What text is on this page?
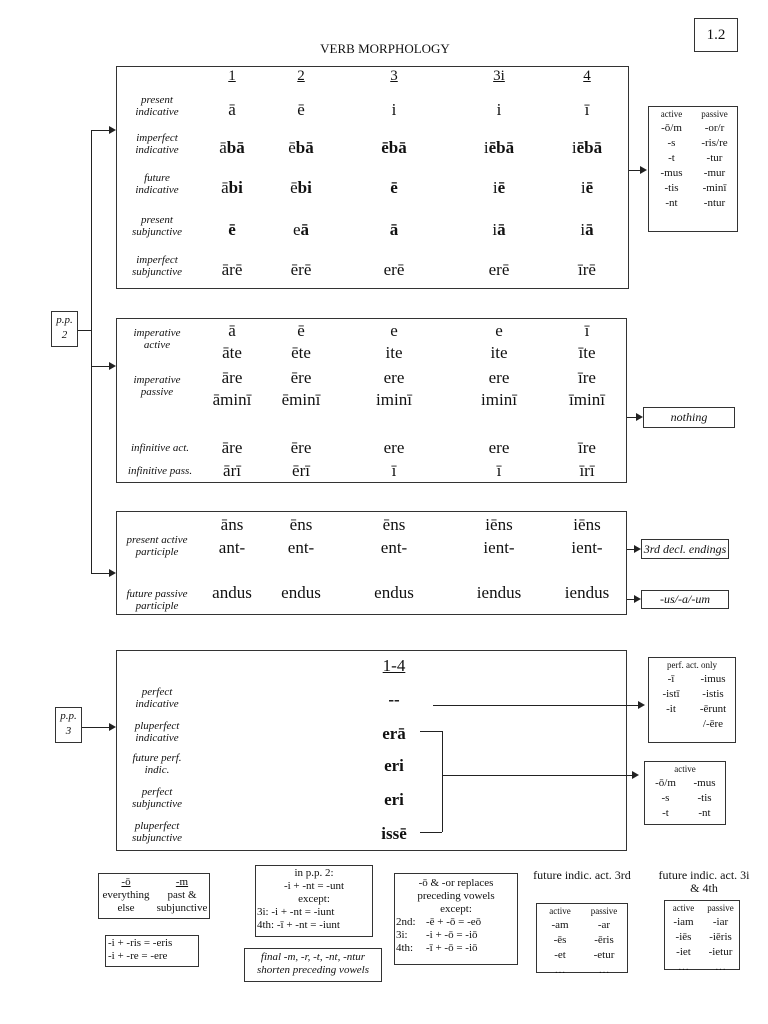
1.2
VERB MORPHOLOGY
1	2	3	3i	4
present
indicative	ā	ē	i	i	ī
imperfect
indicative	ābā	ēbā	ēbā	iēbā	iēbā
future
indicative	ābi	ēbi	ē	iē	iē
present
subjunctive	ē	eā	ā	iā	iā
imperfect
subjunctive	ārē	ērē	erē	erē	īrē
active	passive
-ō/m	-or/r
-s	-ris/re
-t	-tur
-mus	-mur
-tis	-minī
-nt	-ntur
imperative
active
ā	ē	e	e	ī
āte	ēte	ite	ite	īte
imperative
passive
āre	ēre	ere	ere	īre
āminī	ēminī	iminī	iminī	īminī
infinitive act.	āre	ēre	ere	ere	īre
infinitive pass.	ārī	ērī	ī	ī	īrī
nothing
present active
participle
āns	ēns	ēns	iēns	iēns
ant-	ent-	ent-	ient-	ient-
future passive
participle
andus	endus	endus	iendus	iendus
3rd decl. endings
-us/-a/-um
p.p.
2
1-4
perfect
indicative	--
pluperfect
indicative	erā
future perf.
indic.	eri
perfect
subjunctive	eri
pluperfect
subjunctive	issē
p.p.
3
perf. act. only
-ī	-imus
-istī	-istis
-it	-ērunt
/-ēre
active
-ō/m	-mus
-s	-tis
-t	-nt
-ō
everything else
-m
past & subjunctive
-i + -ris = -eris
-i + -re = -ere
in p.p. 2:
-i + -nt = -unt
except:
3i: -i + -nt = -iunt
4th: -ī + -nt = -iunt
final -m, -r, -t, -nt, -ntur
shorten preceding vowels
-ō & -or replaces
preceding vowels
except:
2nd: -ē + -ō = -eō
3i:	-i + -ō = -iō
4th:	-ī + -ō = -iō
future indic. act. 3rd
active	passive
-am	-ar
-ēs	-ēris
-et	-etur
…	…
future indic. act. 3i & 4th
active	passive
-iam	-iar
-iēs	-iēris
-iet	-ietur
…	…
